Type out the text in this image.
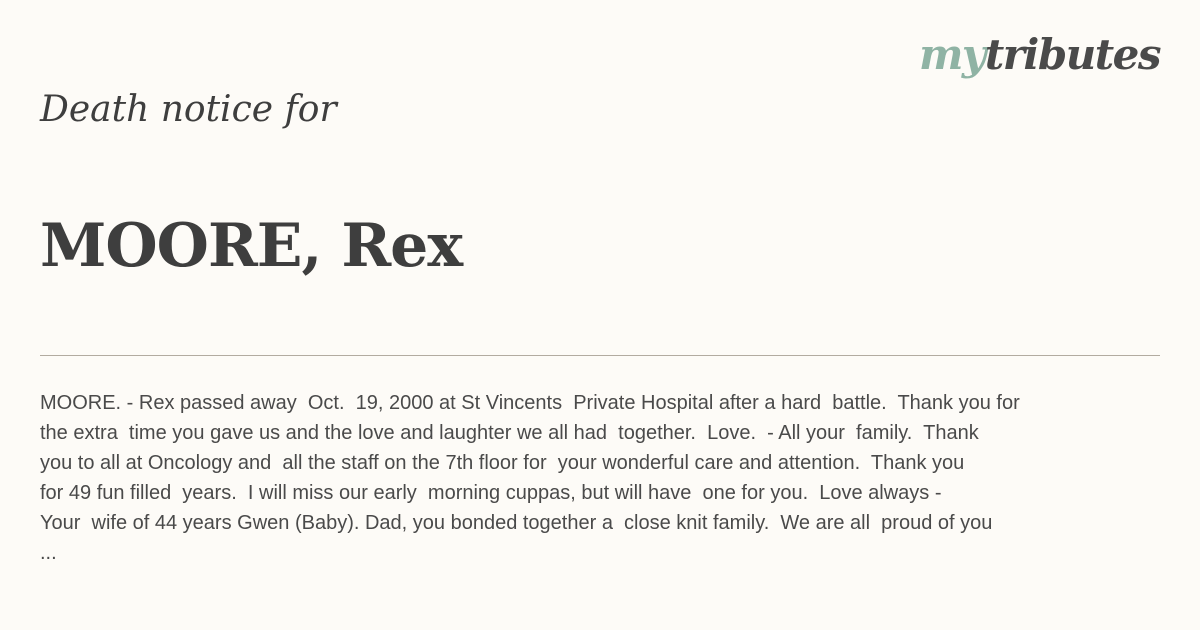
mytributes
Death notice for
MOORE, Rex

MOORE. - Rex passed away  Oct.  19, 2000 at St Vincents  Private Hospital after a hard  battle.  Thank you for
the extra  time you gave us and the love and laughter we all had  together.  Love.  - All your  family.  Thank
you to all at Oncology and  all the staff on the 7th floor for  your wonderful care and attention.  Thank you
for 49 fun filled  years.  I will miss our early  morning cuppas, but will have  one for you.  Love always -
Your  wife of 44 years Gwen (Baby). Dad, you bonded together a  close knit family.  We are all  proud of you
...
